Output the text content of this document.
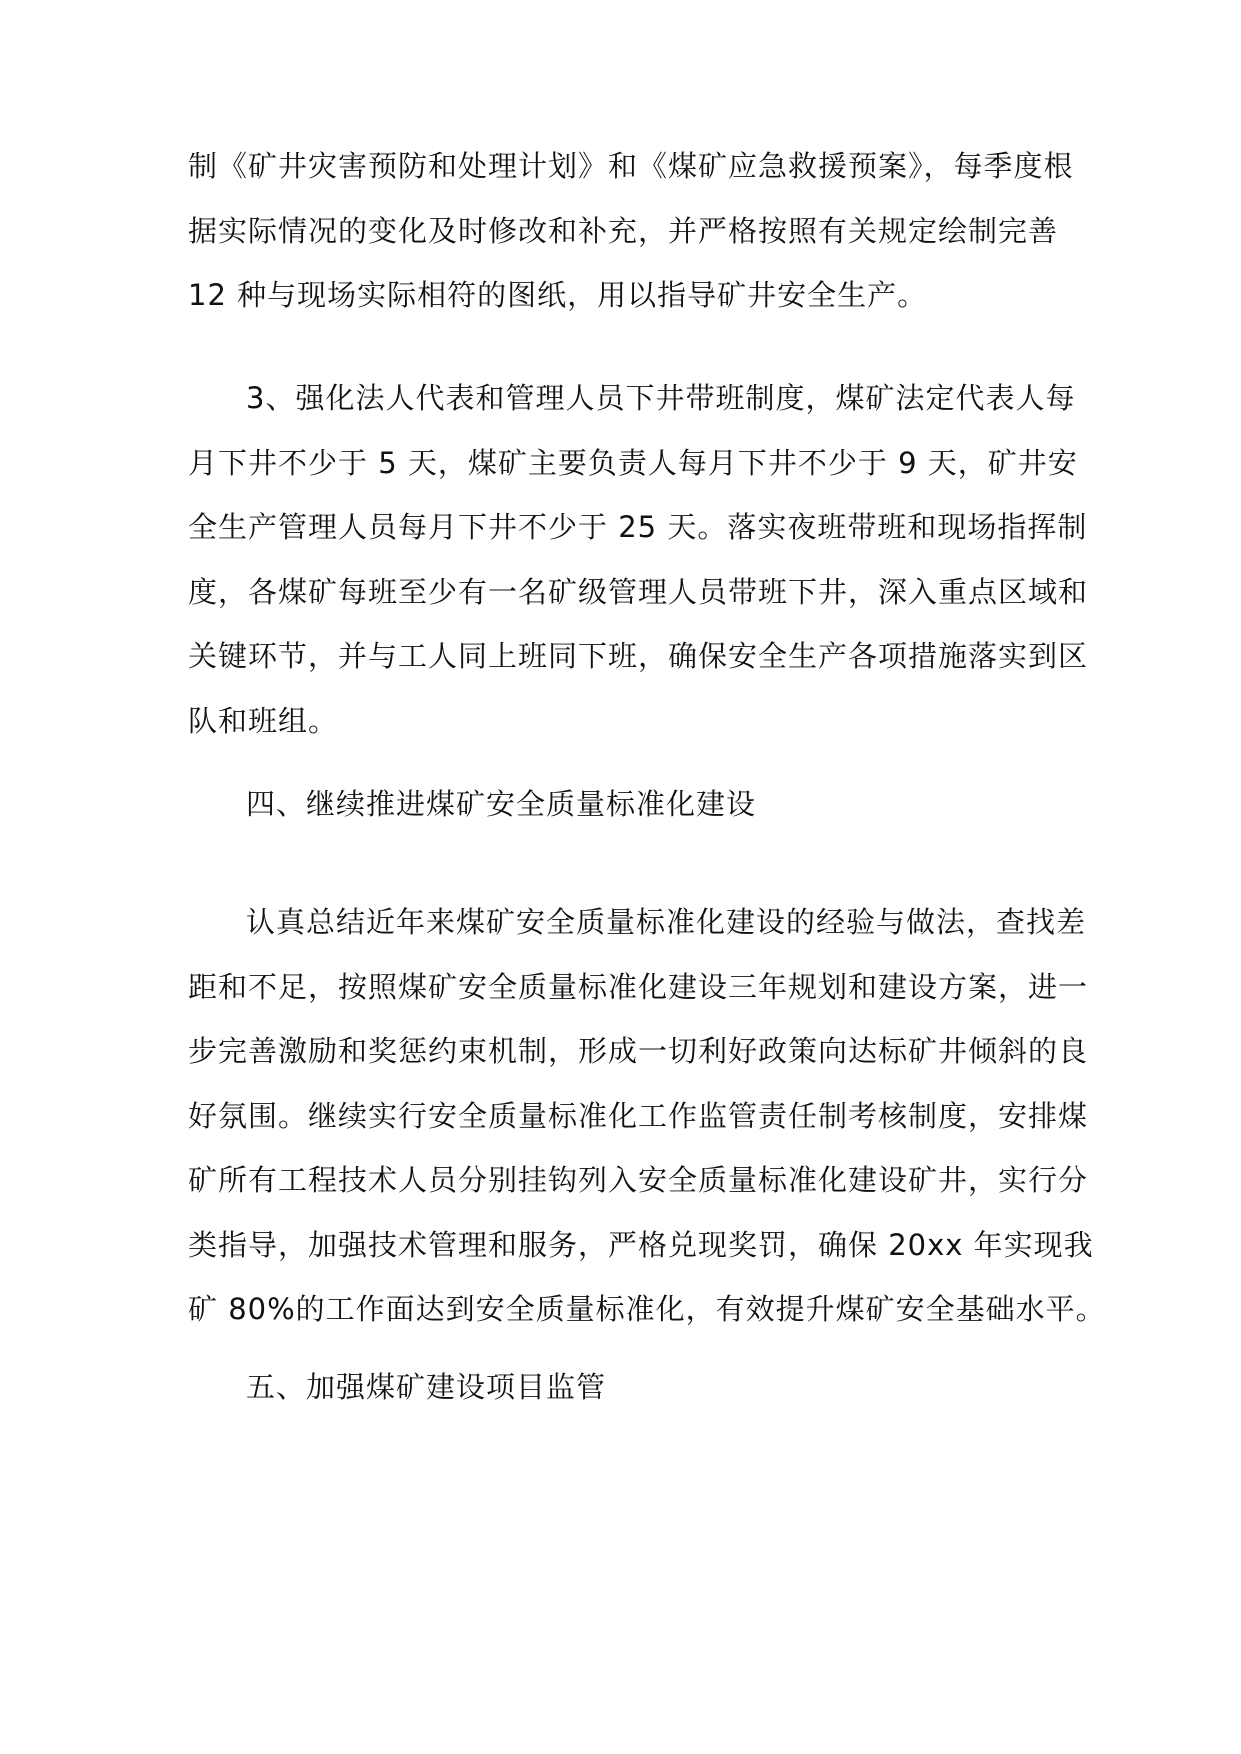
制《矿井灾害预防和处理计划》和《煤矿应急救援预案》，每季度根
据实际情况的变化及时修改和补充，并严格按照有关规定绘制完善
12 种与现场实际相符的图纸，用以指导矿井安全生产。
3、强化法人代表和管理人员下井带班制度，煤矿法定代表人每
月下井不少于 5 天，煤矿主要负责人每月下井不少于 9 天，矿井安
全生产管理人员每月下井不少于 25 天。落实夜班带班和现场指挥制
度，各煤矿每班至少有一名矿级管理人员带班下井，深入重点区域和
关键环节，并与工人同上班同下班，确保安全生产各项措施落实到区
队和班组。
四、继续推进煤矿安全质量标准化建设
认真总结近年来煤矿安全质量标准化建设的经验与做法，查找差
距和不足，按照煤矿安全质量标准化建设三年规划和建设方案，进一
步完善激励和奖惩约束机制，形成一切利好政策向达标矿井倾斜的良
好氛围。继续实行安全质量标准化工作监管责任制考核制度，安排煤
矿所有工程技术人员分别挂钩列入安全质量标准化建设矿井，实行分
类指导，加强技术管理和服务，严格兑现奖罚，确保 20xx 年实现我
矿 80%的工作面达到安全质量标准化，有效提升煤矿安全基础水平。
五、加强煤矿建设项目监管
